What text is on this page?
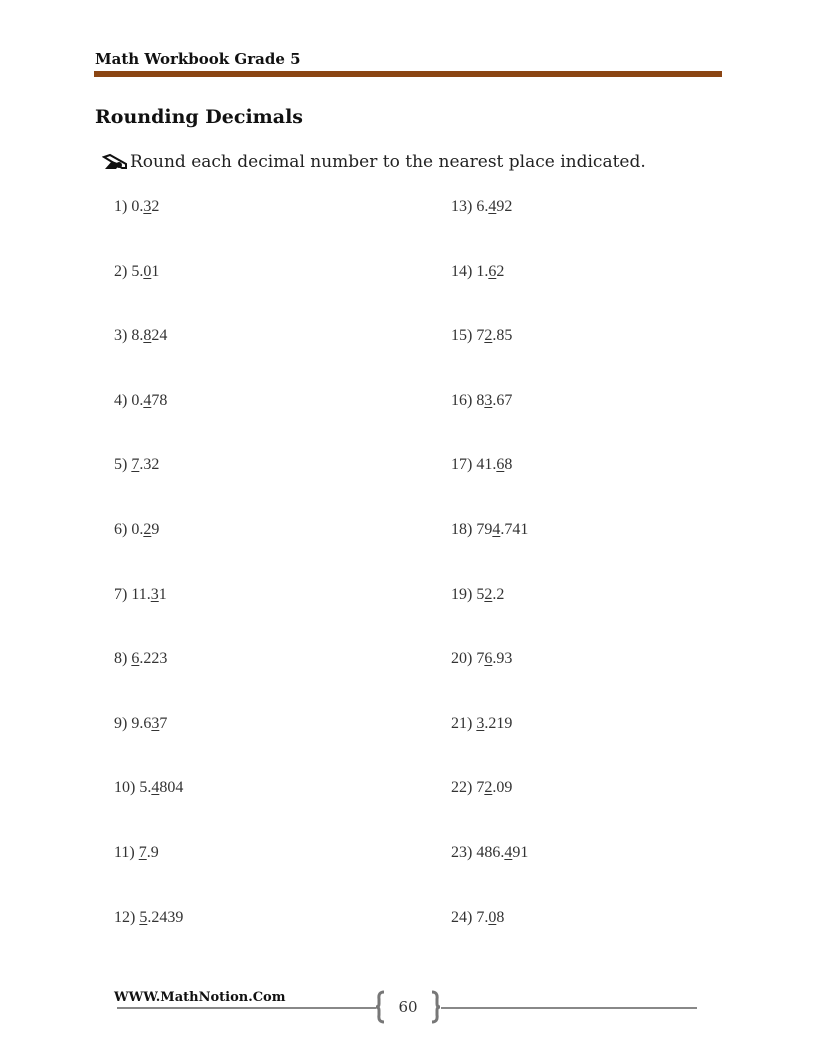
Math Workbook Grade 5
Rounding Decimals
Round each decimal number to the nearest place indicated.
1) 0.32
2) 5.01
3) 8.824
4) 0.478
5) 7.32
6) 0.29
7) 11.31
8) 6.223
9) 9.637
10) 5.4804
11) 7.9
12) 5.2439
13) 6.492
14) 1.62
15) 72.85
16) 83.67
17) 41.68
18) 794.741
19) 52.2
20) 76.93
21) 3.219
22) 72.09
23) 486.491
24) 7.08
WWW.MathNotion.Com
60
